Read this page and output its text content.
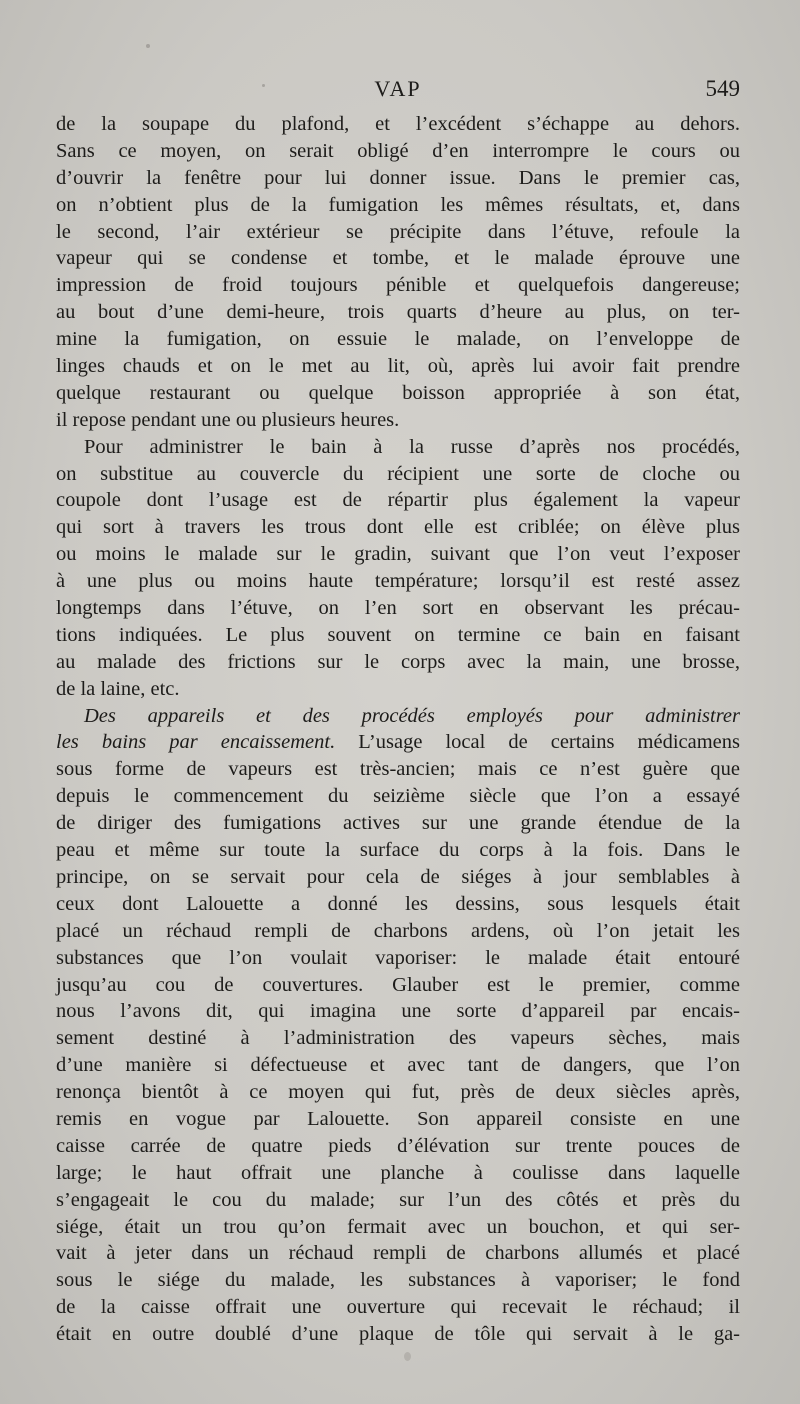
VAP	549
de la soupape du plafond, et l’excédent s’échappe au dehors.
Sans ce moyen, on serait obligé d’en interrompre le cours ou
d’ouvrir la fenêtre pour lui donner issue. Dans le premier cas,
on n’obtient plus de la fumigation les mêmes résultats, et, dans
le second, l’air extérieur se précipite dans l’étuve, refoule la
vapeur qui se condense et tombe, et le malade éprouve une
impression de froid toujours pénible et quelquefois dangereuse;
au bout d’une demi-heure, trois quarts d’heure au plus, on ter-
mine la fumigation, on essuie le malade, on l’enveloppe de
linges chauds et on le met au lit, où, après lui avoir fait prendre
quelque restaurant ou quelque boisson appropriée à son état,
il repose pendant une ou plusieurs heures.
Pour administrer le bain à la russe d’après nos procédés,
on substitue au couvercle du récipient une sorte de cloche ou
coupole dont l’usage est de répartir plus également la vapeur
qui sort à travers les trous dont elle est criblée; on élève plus
ou moins le malade sur le gradin, suivant que l’on veut l’exposer
à une plus ou moins haute température; lorsqu’il est resté assez
longtemps dans l’étuve, on l’en sort en observant les précau-
tions indiquées. Le plus souvent on termine ce bain en faisant
au malade des frictions sur le corps avec la main, une brosse,
de la laine, etc.
Des appareils et des procédés employés pour administrer
les bains par encaissement. L’usage local de certains médicamens
sous forme de vapeurs est très-ancien; mais ce n’est guère que
depuis le commencement du seizième siècle que l’on a essayé
de diriger des fumigations actives sur une grande étendue de la
peau et même sur toute la surface du corps à la fois. Dans le
principe, on se servait pour cela de siéges à jour semblables à
ceux dont Lalouette a donné les dessins, sous lesquels était
placé un réchaud rempli de charbons ardens, où l’on jetait les
substances que l’on voulait vaporiser: le malade était entouré
jusqu’au cou de couvertures. Glauber est le premier, comme
nous l’avons dit, qui imagina une sorte d’appareil par encais-
sement destiné à l’administration des vapeurs sèches, mais
d’une manière si défectueuse et avec tant de dangers, que l’on
renonça bientôt à ce moyen qui fut, près de deux siècles après,
remis en vogue par Lalouette. Son appareil consiste en une
caisse carrée de quatre pieds d’élévation sur trente pouces de
large; le haut offrait une planche à coulisse dans laquelle
s’engageait le cou du malade; sur l’un des côtés et près du
siége, était un trou qu’on fermait avec un bouchon, et qui ser-
vait à jeter dans un réchaud rempli de charbons allumés et placé
sous le siége du malade, les substances à vaporiser; le fond
de la caisse offrait une ouverture qui recevait le réchaud; il
était en outre doublé d’une plaque de tôle qui servait à le ga-
